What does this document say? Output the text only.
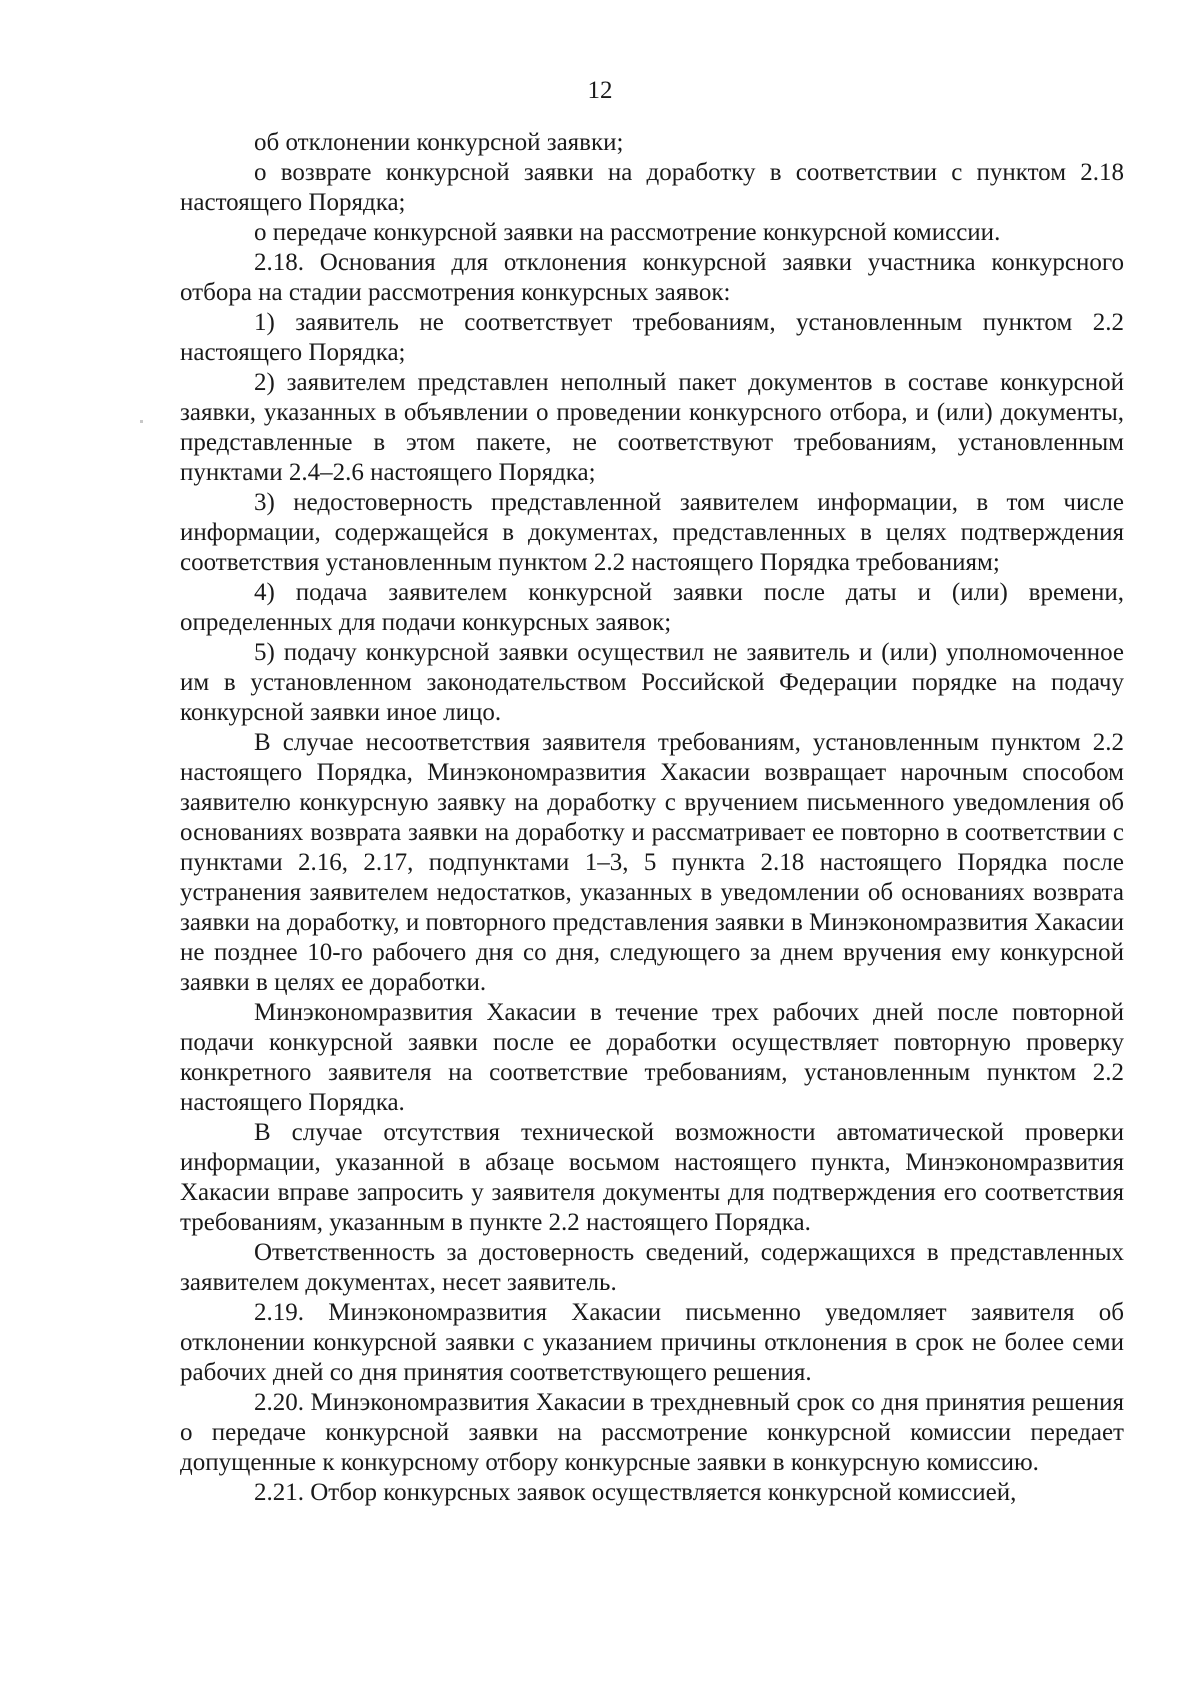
12

об отклонении конкурсной заявки;

о возврате конкурсной заявки на доработку в соответствии с пунктом 2.18 настоящего Порядка;

о передаче конкурсной заявки на рассмотрение конкурсной комиссии.

2.18. Основания для отклонения конкурсной заявки участника конкурсного отбора на стадии рассмотрения конкурсных заявок:

1) заявитель не соответствует требованиям, установленным пунктом 2.2 настоящего Порядка;

2) заявителем представлен неполный пакет документов в составе конкурсной заявки, указанных в объявлении о проведении конкурсного отбора, и (или) документы, представленные в этом пакете, не соответствуют требованиям, установленным пунктами 2.4–2.6 настоящего Порядка;

3) недостоверность представленной заявителем информации, в том числе информации, содержащейся в документах, представленных в целях подтверждения соответствия установленным пунктом 2.2 настоящего Порядка требованиям;

4) подача заявителем конкурсной заявки после даты и (или) времени, определенных для подачи конкурсных заявок;

5) подачу конкурсной заявки осуществил не заявитель и (или) уполномоченное им в установленном законодательством Российской Федерации порядке на подачу конкурсной заявки иное лицо.

В случае несоответствия заявителя требованиям, установленным пунктом 2.2 настоящего Порядка, Минэкономразвития Хакасии возвращает нарочным способом заявителю конкурсную заявку на доработку с вручением письменного уведомления об основаниях возврата заявки на доработку и рассматривает ее повторно в соответствии с пунктами 2.16, 2.17, подпунктами 1–3, 5 пункта 2.18 настоящего Порядка после устранения заявителем недостатков, указанных в уведомлении об основаниях возврата заявки на доработку, и повторного представления заявки в Минэкономразвития Хакасии не позднее 10-го рабочего дня со дня, следующего за днем вручения ему конкурсной заявки в целях ее доработки.

Минэкономразвития Хакасии в течение трех рабочих дней после повторной подачи конкурсной заявки после ее доработки осуществляет повторную проверку конкретного заявителя на соответствие требованиям, установленным пунктом 2.2 настоящего Порядка.

В случае отсутствия технической возможности автоматической проверки информации, указанной в абзаце восьмом настоящего пункта, Минэкономразвития Хакасии вправе запросить у заявителя документы для подтверждения его соответствия требованиям, указанным в пункте 2.2 настоящего Порядка.

Ответственность за достоверность сведений, содержащихся в представленных заявителем документах, несет заявитель.

2.19. Минэкономразвития Хакасии письменно уведомляет заявителя об отклонении конкурсной заявки с указанием причины отклонения в срок не более семи рабочих дней со дня принятия соответствующего решения.

2.20. Минэкономразвития Хакасии в трехдневный срок со дня принятия решения о передаче конкурсной заявки на рассмотрение конкурсной комиссии передает допущенные к конкурсному отбору конкурсные заявки в конкурсную комиссию.

2.21. Отбор конкурсных заявок осуществляется конкурсной комиссией,
